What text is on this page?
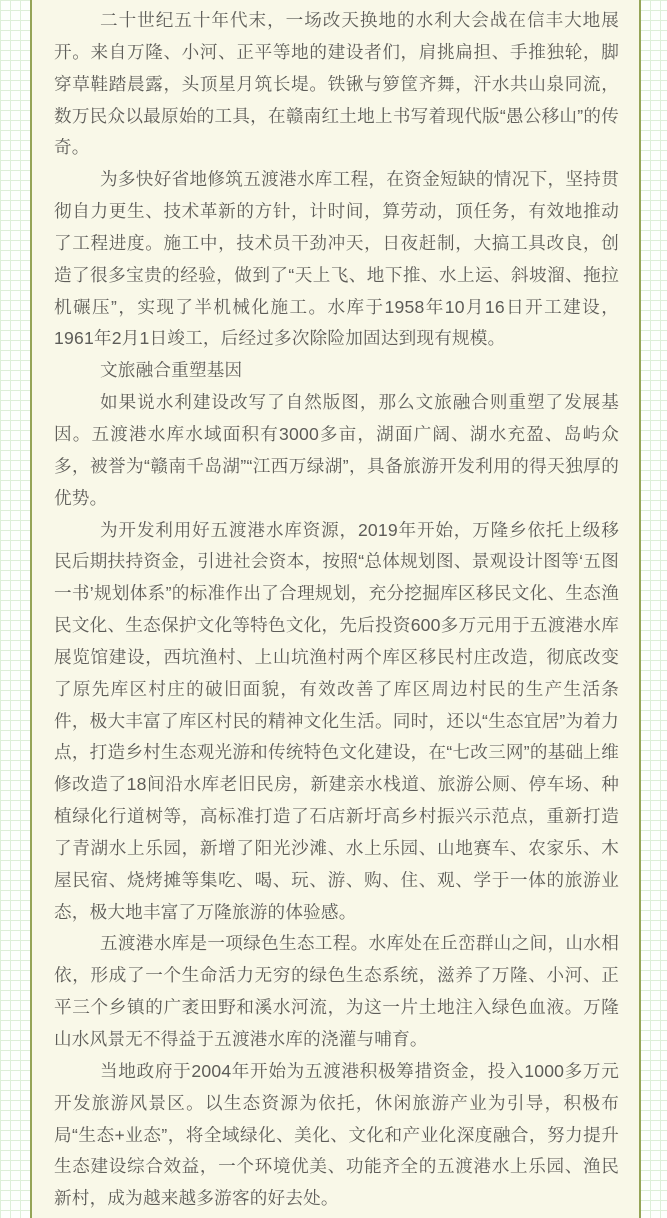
二十世纪五十年代末，一场改天换地的水利大会战在信丰大地展开。来自万隆、小河、正平等地的建设者们，肩挑扁担、手推独轮，脚穿草鞋踏晨露，头顶星月筑长堤。铁锹与箩筐齐舞，汗水共山泉同流，数万民众以最原始的工具，在赣南红土地上书写着现代版“愚公移山”的传奇。

为多快好省地修筑五渡港水库工程，在资金短缺的情况下，坚持贯彻自力更生、技术革新的方针，计时间，算劳动，顶任务，有效地推动了工程进度。施工中，技术员干劲冲天，日夜赶制，大搞工具改良，创造了很多宝贵的经验，做到了“天上飞、地下推、水上运、斜坡溜、拖拉机碾压”，实现了半机械化施工。水库于1958年10月16日开工建设，1961年2月1日竣工，后经过多次除险加固达到现有规模。

文旅融合重塑基因

如果说水利建设改写了自然版图，那么文旅融合则重塑了发展基因。五渡港水库水域面积有3000多亩，湖面广阔、湖水充盈、岛屿众多，被誉为“赣南千岛湖”“江西万绿湖”，具备旅游开发利用的得天独厚的优势。

为开发利用好五渡港水库资源，2019年开始，万隆乡依托上级移民后期扶持资金，引进社会资本，按照“总体规划图、景观设计图等‘五图一书’规划体系”的标准作出了合理规划，充分挖掘库区移民文化、生态渔民文化、生态保护文化等特色文化，先后投资600多万元用于五渡港水库展览馆建设，西坑渔村、上山坑渔村两个库区移民村庄改造，彻底改变了原先库区村庄的破旧面貌，有效改善了库区周边村民的生产生活条件，极大丰富了库区村民的精神文化生活。同时，还以“生态宜居”为着力点，打造乡村生态观光游和传统特色文化建设，在“七改三网”的基础上维修改造了18间沿水库老旧民房，新建亲水栈道、旅游公厕、停车场、种植绿化行道树等，高标准打造了石店新圩高乡村振兴示范点，重新打造了青湖水上乐园，新增了阳光沙滩、水上乐园、山地赛车、农家乐、木屋民宿、烧烤摊等集吃、喝、玩、游、购、住、观、学于一体的旅游业态，极大地丰富了万隆旅游的体验感。

五渡港水库是一项绿色生态工程。水库处在丘峦群山之间，山水相依，形成了一个生命活力无穷的绿色生态系统，滋养了万隆、小河、正平三个乡镇的广袤田野和溪水河流，为这一片土地注入绿色血液。万隆山水风景无不得益于五渡港水库的浇灌与哺育。

当地政府于2004年开始为五渡港积极筹措资金，投入1000多万元开发旅游风景区。以生态资源为依托，休闲旅游产业为引导，积极布局“生态+业态”，将全域绿化、美化、文化和产业化深度融合，努力提升生态建设综合效益，一个环境优美、功能齐全的五渡港水上乐园、渔民新村，成为越来越多游客的好去处。
